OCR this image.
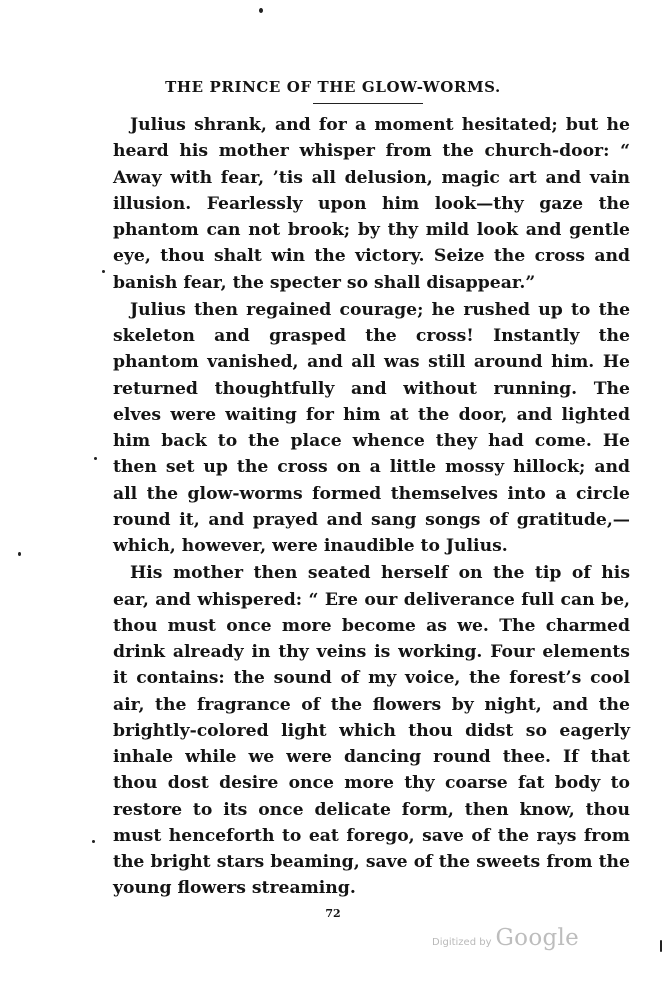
THE PRINCE OF THE GLOW-WORMS.

Julius shrank, and for a moment hesitated; but he heard his mother whisper from the church-door: “ Away with fear, ’tis all delusion, magic art and vain illusion. Fearlessly upon him look—thy gaze the phantom can not brook; by thy mild look and gentle eye, thou shalt win the victory. Seize the cross and banish fear, the specter so shall disappear.”

Julius then regained courage; he rushed up to the skeleton and grasped the cross! Instantly the phantom vanished, and all was still around him. He returned thoughtfully and without running. The elves were waiting for him at the door, and lighted him back to the place whence they had come. He then set up the cross on a little mossy hillock; and all the glow-worms formed themselves into a circle round it, and prayed and sang songs of gratitude,—which, however, were inaudible to Julius.

His mother then seated herself on the tip of his ear, and whispered: “ Ere our deliverance full can be, thou must once more become as we. The charmed drink already in thy veins is working. Four elements it contains: the sound of my voice, the forest’s cool air, the fragrance of the flowers by night, and the brightly-colored light which thou didst so eagerly inhale while we were dancing round thee. If that thou dost desire once more thy coarse fat body to restore to its once delicate form, then know, thou must henceforth to eat forego, save of the rays from the bright stars beaming, save of the sweets from the young flowers streaming.

72
Digitized by Google
